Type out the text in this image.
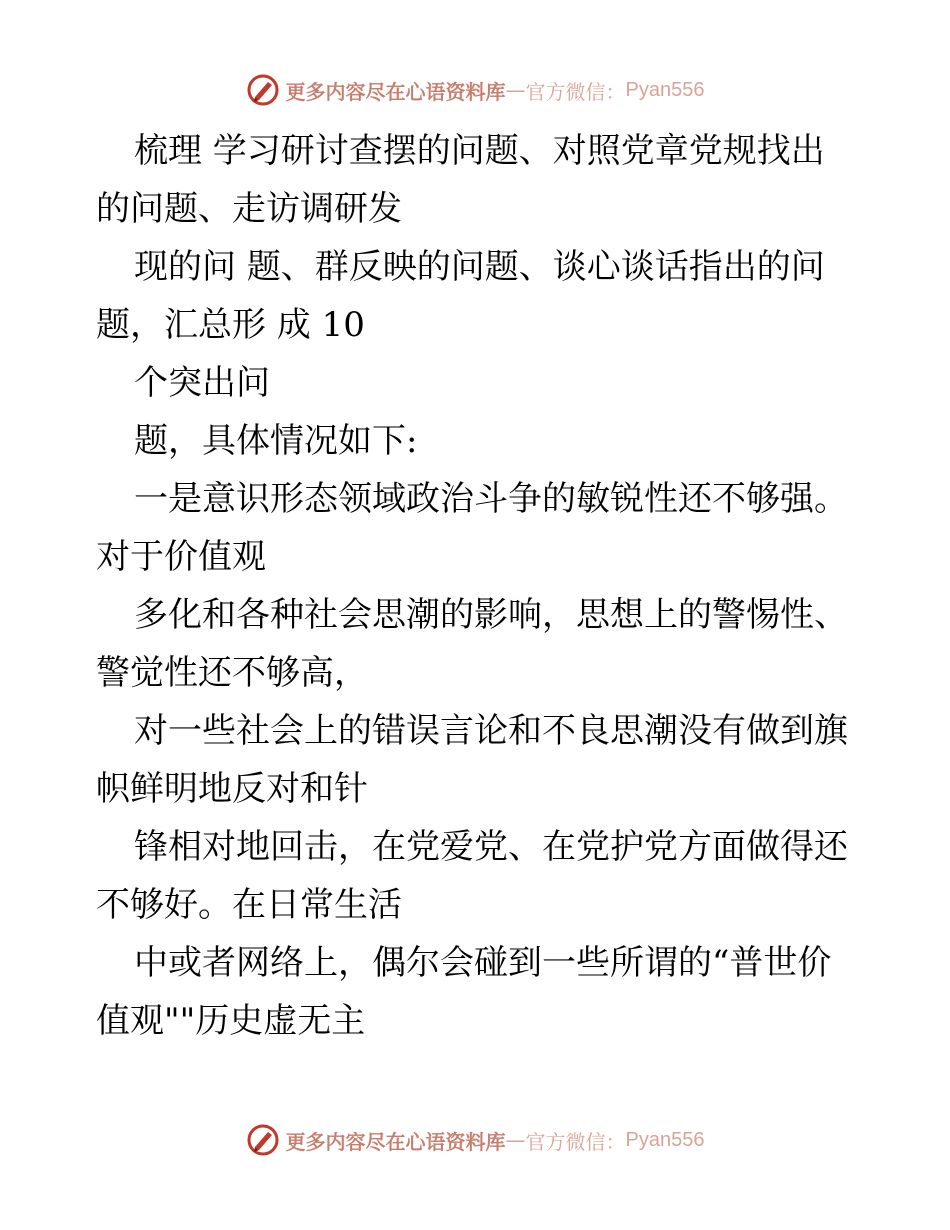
更多内容尽在心语资料库 — 官方微信： Pyan556
梳理 学习研讨查摆的问题、对照党章党规找出
的问题、走访调研发
现的问 题、群反映的问题、谈心谈话指出的问
题，汇总形 成 10
个突出问
题，具体情况如下:
一是意识形态领域政治斗争的敏锐性还不够强。
对于价值观
多化和各种社会思潮的影响，思想上的警惕性、
警觉性还不够高，
对一些社会上的错误言论和不良思潮没有做到旗
帜鲜明地反对和针
锋相对地回击，在党爱党、在党护党方面做得还
不够好。在日常生活
中或者网络上，偶尔会碰到一些所谓的“普世价
值观""历史虚无主
更多内容尽在心语资料库 — 官方微信： Pyan556
